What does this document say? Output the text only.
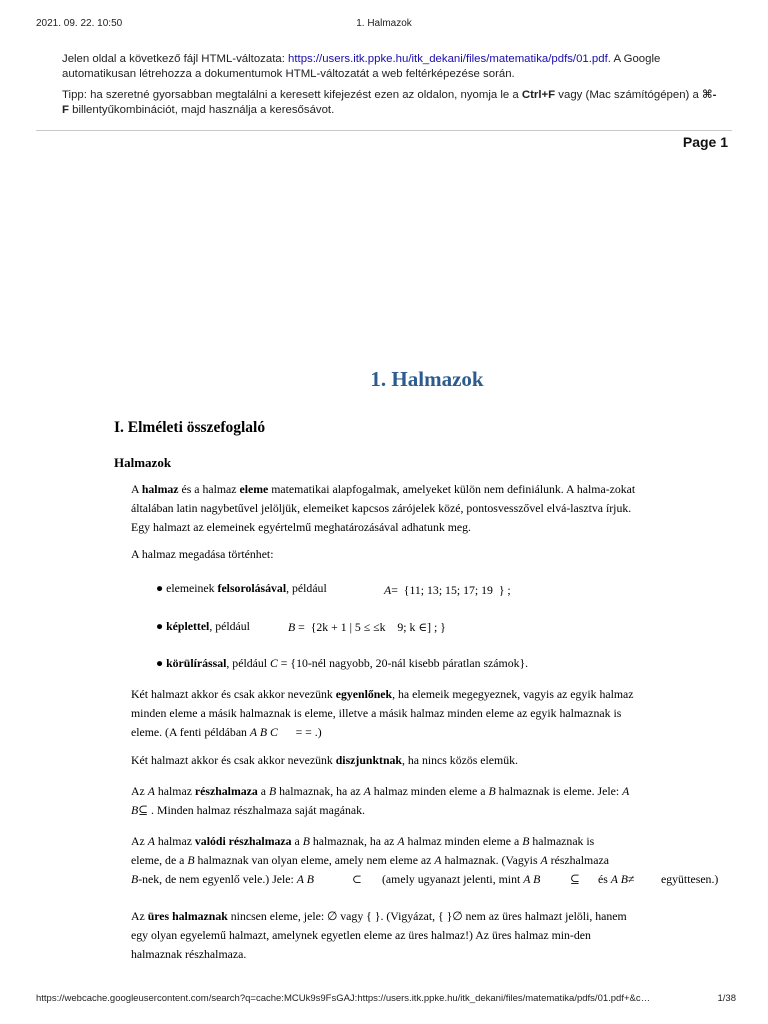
2021. 09. 22. 10:50	1. Halmazok

Jelen oldal a következő fájl HTML-változata: https://users.itk.ppke.hu/itk_dekani/files/matematika/pdfs/01.pdf. A Google automatikusan létrehozza a dokumentumok HTML-változatát a web feltérképezése során.

Tipp: ha szeretné gyorsabban megtalálni a keresett kifejezést ezen az oldalon, nyomja le a Ctrl+F vagy (Mac számítógépen) a ⌘-F billentyűkombinációt, majd használja a keresősávot.

Page 1
1. Halmazok
I. Elméleti összefoglaló
Halmazok
A halmaz és a halmaz eleme matematikai alapfogalmak, amelyeket külön nem definiálunk. A halma-zokat általában latin nagybetűvel jelöljük, elemeiket kapcsos zárójelek közé, pontosvesszővel elvá-lasztva írjuk. Egy halmazt az elemeinek egyértelmű meghatározásával adhatunk meg.
A halmaz megadása történhet:
● elemeinek felsorolásával, például	A= {11; 13; 15; 17; 19 } ;
● képlettel, például	B = {2k + 1 | 5 ≤ ≤k 9; k ∈] ; }
● körülírással, például C = {10-nél nagyobb, 20-nál kisebb páratlan számok}.
Két halmazt akkor és csak akkor nevezünk egyenlőnek, ha elemeik megegyeznek, vagyis az egyik halmaz minden eleme a másik halmaznak is eleme, illetve a másik halmaz minden eleme az egyik halmaznak is eleme. (A fenti példában A B C      = = .)
Két halmazt akkor és csak akkor nevezünk diszjunktnak, ha nincs közös elemük.
Az A halmaz részhalmaza a B halmaznak, ha az A halmaz minden eleme a B halmaznak is eleme. Jele: A B⊆ . Minden halmaz részhalmaza saját magának.
Az A halmaz valódi részhalmaza a B halmaznak, ha az A halmaz minden eleme a B halmaznak is
eleme, de a B halmaznak van olyan eleme, amely nem eleme az A halmaznak. (Vagyis A részhalmaza
B-nek, de nem egyenlő vele.) Jele: A B	⊂ (amely ugyanazt jelenti, mint A B	⊆ és A B≠ együttesen.)
Az üres halmaznak nincsen eleme, jele: ∅ vagy { }. (Vigyázat, { }∅ nem az üres halmazt jelöli, hanem egy olyan egyelemű halmazt, amelynek egyetlen eleme az üres halmaz!) Az üres halmaz min-den halmaznak részhalmaza.
https://webcache.googleusercontent.com/search?q=cache:MCUk9s9FsGAJ:https://users.itk.ppke.hu/itk_dekani/files/matematika/pdfs/01.pdf+&c…	1/38
